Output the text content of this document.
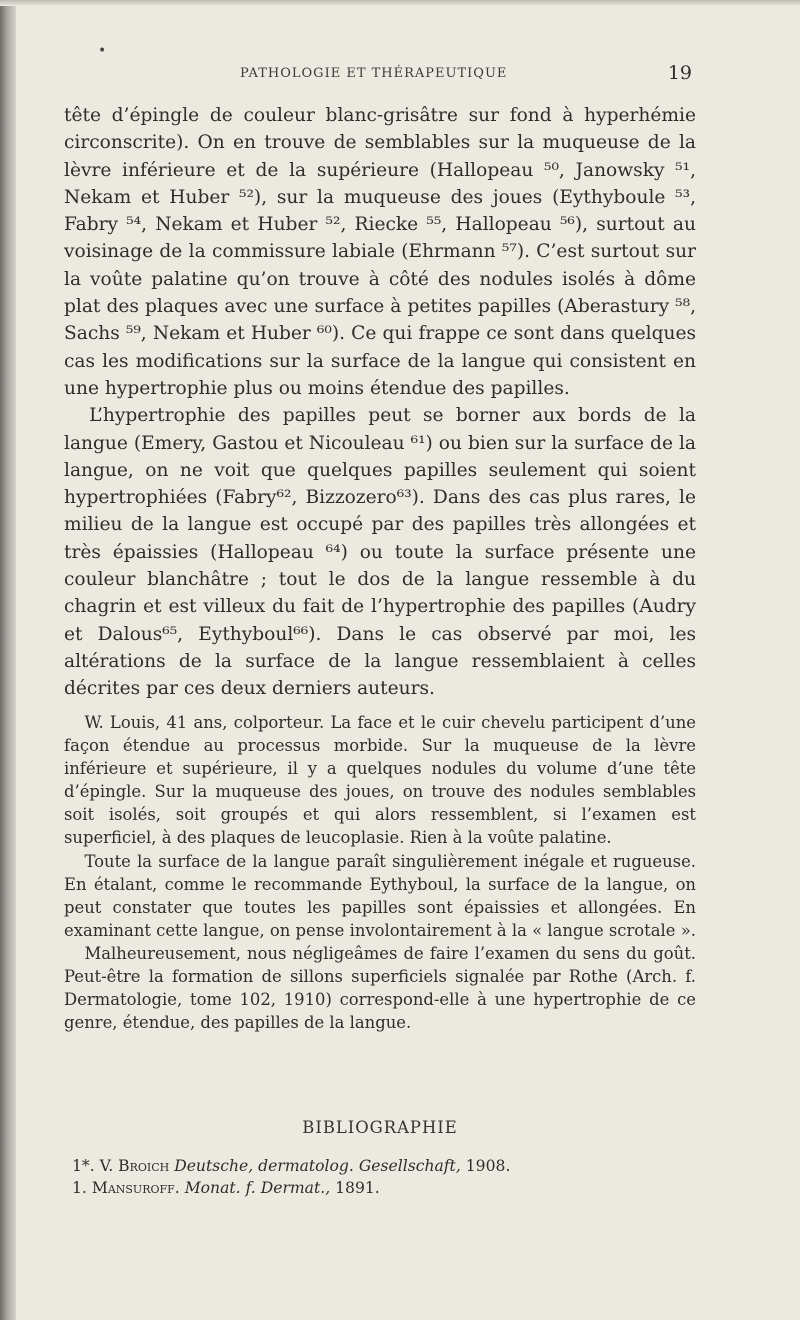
•
PATHOLOGIE ET THÉRAPEUTIQUE	19

tête d’épingle de couleur blanc-grisâtre sur fond à hyperhémie circonscrite). On en trouve de semblables sur la muqueuse de la lèvre inférieure et de la supérieure (Hallopeau ⁵⁰, Janowsky ⁵¹, Nekam et Huber ⁵²), sur la muqueuse des joues (Eythyboule ⁵³, Fabry ⁵⁴, Nekam et Huber ⁵², Riecke ⁵⁵, Hallopeau ⁵⁶), surtout au voisinage de la commissure labiale (Ehrmann ⁵⁷). C’est surtout sur la voûte palatine qu’on trouve à côté des nodules isolés à dôme plat des plaques avec une surface à petites papilles (Aberastury ⁵⁸, Sachs ⁵⁹, Nekam et Huber ⁶⁰). Ce qui frappe ce sont dans quelques cas les modifications sur la surface de la langue qui consistent en une hypertrophie plus ou moins étendue des papilles.

L’hypertrophie des papilles peut se borner aux bords de la langue (Emery, Gastou et Nicouleau ⁶¹) ou bien sur la surface de la langue, on ne voit que quelques papilles seulement qui soient hypertrophiées (Fabry⁶², Bizzozero⁶³). Dans des cas plus rares, le milieu de la langue est occupé par des papilles très allongées et très épaissies (Hallopeau ⁶⁴) ou toute la surface présente une couleur blanchâtre ; tout le dos de la langue ressemble à du chagrin et est villeux du fait de l’hypertrophie des papilles (Audry et Dalous⁶⁵, Eythyboul⁶⁶). Dans le cas observé par moi, les altérations de la surface de la langue ressemblaient à celles décrites par ces deux derniers auteurs.

W. Louis, 41 ans, colporteur. La face et le cuir chevelu participent d’une façon étendue au processus morbide. Sur la muqueuse de la lèvre inférieure et supérieure, il y a quelques nodules du volume d’une tête d’épingle. Sur la muqueuse des joues, on trouve des nodules semblables soit isolés, soit groupés et qui alors ressemblent, si l’examen est superficiel, à des plaques de leucoplasie. Rien à la voûte palatine.

Toute la surface de la langue paraît singulièrement inégale et rugueuse. En étalant, comme le recommande Eythyboul, la surface de la langue, on peut constater que toutes les papilles sont épaissies et allongées. En examinant cette langue, on pense involontairement à la « langue scrotale ».

Malheureusement, nous négligeâmes de faire l’examen du sens du goût. Peut-être la formation de sillons superficiels signalée par Rothe (Arch. f. Dermatologie, tome 102, 1910) correspond-elle à une hypertrophie de ce genre, étendue, des papilles de la langue.

BIBLIOGRAPHIE
1*. V. Broich Deutsche, dermatolog. Gesellschaft, 1908.
1. Mansuroff. Monat. f. Dermat., 1891.
